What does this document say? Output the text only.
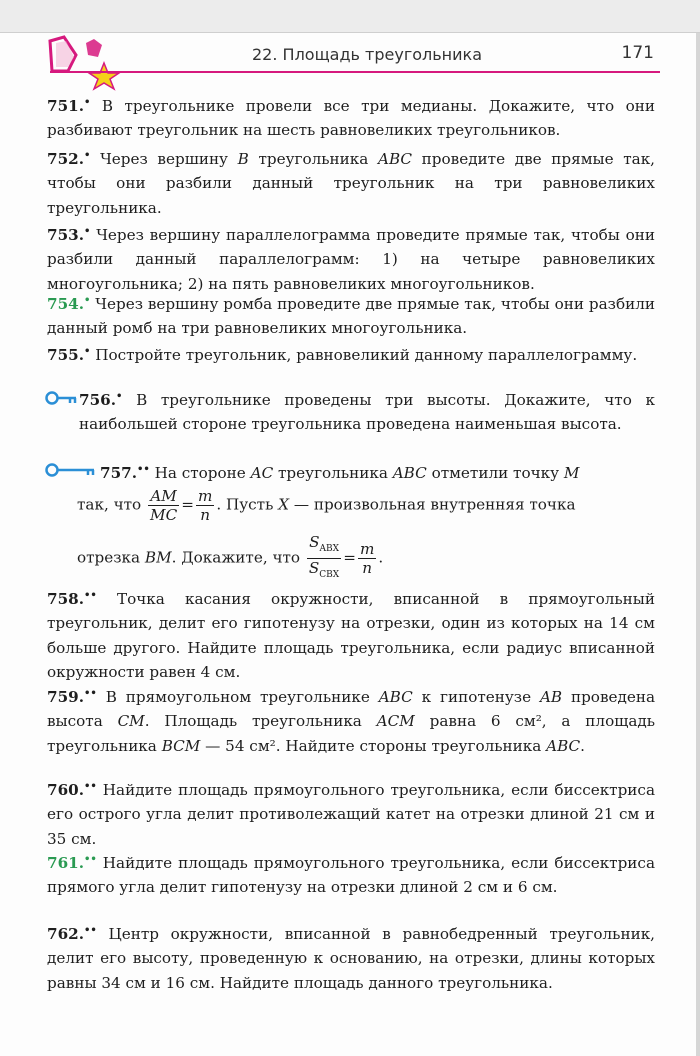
22. Площадь треугольника	171
751.• В треугольнике провели все три медианы. Докажите, что они разбивают треугольник на шесть равновеликих треугольников.
752.• Через вершину B треугольника ABC проведите две прямые так, чтобы они разбили данный треугольник на три равновеликих треугольника.
753.• Через вершину параллелограмма проведите прямые так, чтобы они разбили данный параллелограмм: 1) на четыре равновеликих многоугольника; 2) на пять равновеликих многоугольников.
754.• Через вершину ромба проведите две прямые так, чтобы они разбили данный ромб на три равновеликих многоугольника.
755.• Постройте треугольник, равновеликий данному параллелограмму.
756.• В треугольнике проведены три высоты. Докажите, что к наибольшей стороне треугольника проведена наименьшая высота.
757.•• На стороне AC треугольника ABC отметили точку M
так, что $\frac{AM}{MC} = \frac{m}{n}$ . Пусть X — произвольная внутренняя точка
отрезка BM. Докажите, что $\frac{S_{ABX}}{S_{CBX}} = \frac{m}{n}$ .
758.•• Точка касания окружности, вписанной в прямоугольный треугольник, делит его гипотенузу на отрезки, один из которых на 14 см больше другого. Найдите площадь треугольника, если радиус вписанной окружности равен 4 см.
759.•• В прямоугольном треугольнике ABC к гипотенузе AB проведена высота CM. Площадь треугольника ACM равна 6 см², а площадь треугольника BCM — 54 см². Найдите стороны треугольника ABC.
760.•• Найдите площадь прямоугольного треугольника, если биссектриса его острого угла делит противолежащий катет на отрезки длиной 21 см и 35 см.
761.•• Найдите площадь прямоугольного треугольника, если биссектриса прямого угла делит гипотенузу на отрезки длиной 2 см и 6 см.
762.•• Центр окружности, вписанной в равнобедренный треугольник, делит его высоту, проведенную к основанию, на отрезки, длины которых равны 34 см и 16 см. Найдите площадь данного треугольника.
